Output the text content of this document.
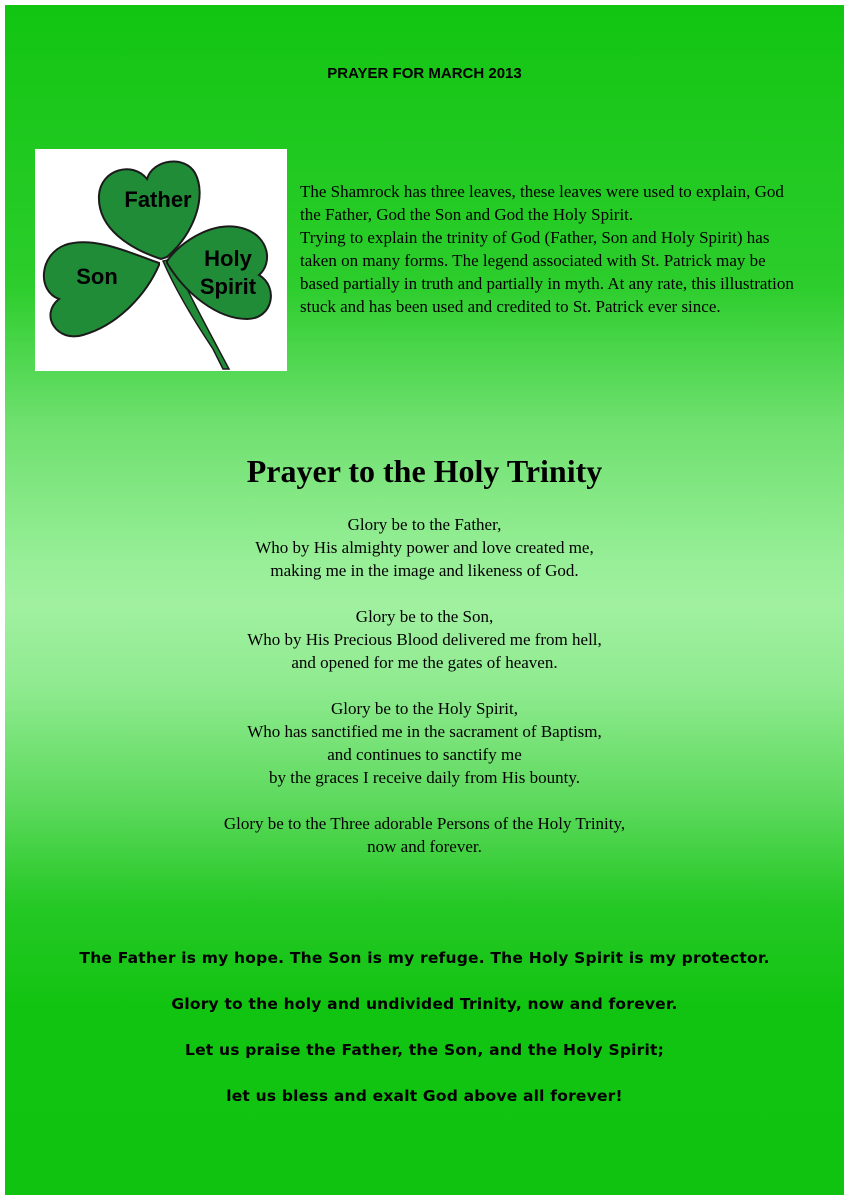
PRAYER FOR MARCH 2013
Father
Son
Holy
Spirit

The Shamrock has three leaves, these leaves were used to explain, God the Father, God the Son and God the Holy Spirit.

Trying to explain the trinity of God (Father, Son and Holy Spirit) has taken on many forms. The legend associated with St. Patrick may be based partially in truth and partially in myth. At any rate, this illustration stuck and has been used and credited to St. Patrick ever since.

Prayer to the Holy Trinity
Glory be to the Father,
Who by His almighty power and love created me,
making me in the image and likeness of God.
Glory be to the Son,
Who by His Precious Blood delivered me from hell,
and opened for me the gates of heaven.
Glory be to the Holy Spirit,
Who has sanctified me in the sacrament of Baptism,
and continues to sanctify me
by the graces I receive daily from His bounty.
Glory be to the Three adorable Persons of the Holy Trinity,
now and forever.
The Father is my hope. The Son is my refuge. The Holy Spirit is my protector.
Glory to the holy and undivided Trinity, now and forever.
Let us praise the Father, the Son, and the Holy Spirit;
let us bless and exalt God above all forever!
